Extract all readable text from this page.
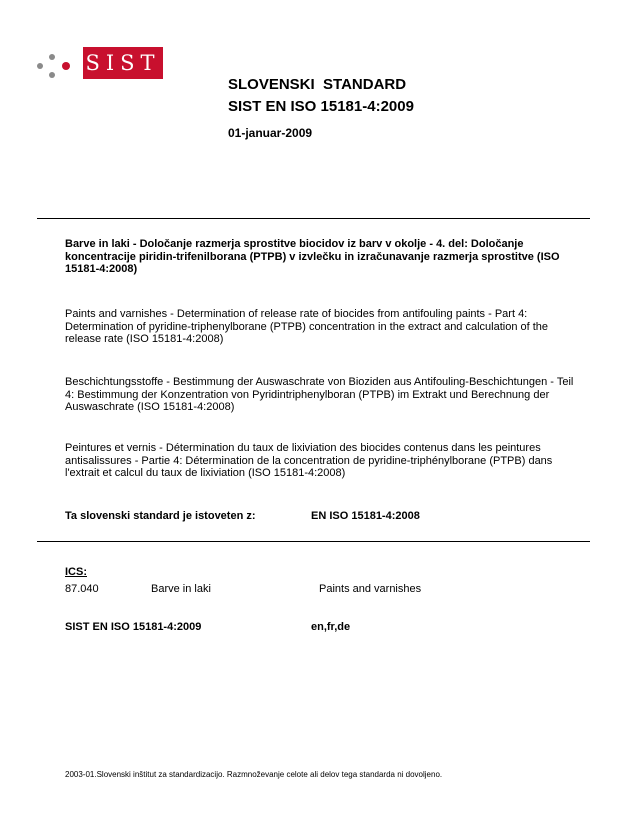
SIST
SLOVENSKI  STANDARD
SIST EN ISO 15181-4:2009
01-januar-2009
Barve in laki - Določanje razmerja sprostitve biocidov iz barv v okolje - 4. del: Določanje koncentracije piridin-trifenilborana (PTPB) v izvlečku in izračunavanje razmerja sprostitve (ISO 15181-4:2008)
Paints and varnishes - Determination of release rate of biocides from antifouling paints - Part 4: Determination of pyridine-triphenylborane (PTPB) concentration in the extract and calculation of the release rate (ISO 15181-4:2008)
Beschichtungsstoffe - Bestimmung der Auswaschrate von Bioziden aus Antifouling-Beschichtungen - Teil 4: Bestimmung der Konzentration von Pyridintriphenylboran (PTPB) im Extrakt und Berechnung der Auswaschrate (ISO 15181-4:2008)
Peintures et vernis - Détermination du taux de lixiviation des biocides contenus dans les peintures antisalissures - Partie 4: Détermination de la concentration de pyridine-triphénylborane (PTPB) dans l'extrait et calcul du taux de lixiviation (ISO 15181-4:2008)
Ta slovenski standard je istoveten z:	EN ISO 15181-4:2008
ICS:
87.040	Barve in laki	Paints and varnishes
SIST EN ISO 15181-4:2009	en,fr,de
2003-01.Slovenski inštitut za standardizacijo. Razmnoževanje celote ali delov tega standarda ni dovoljeno.
